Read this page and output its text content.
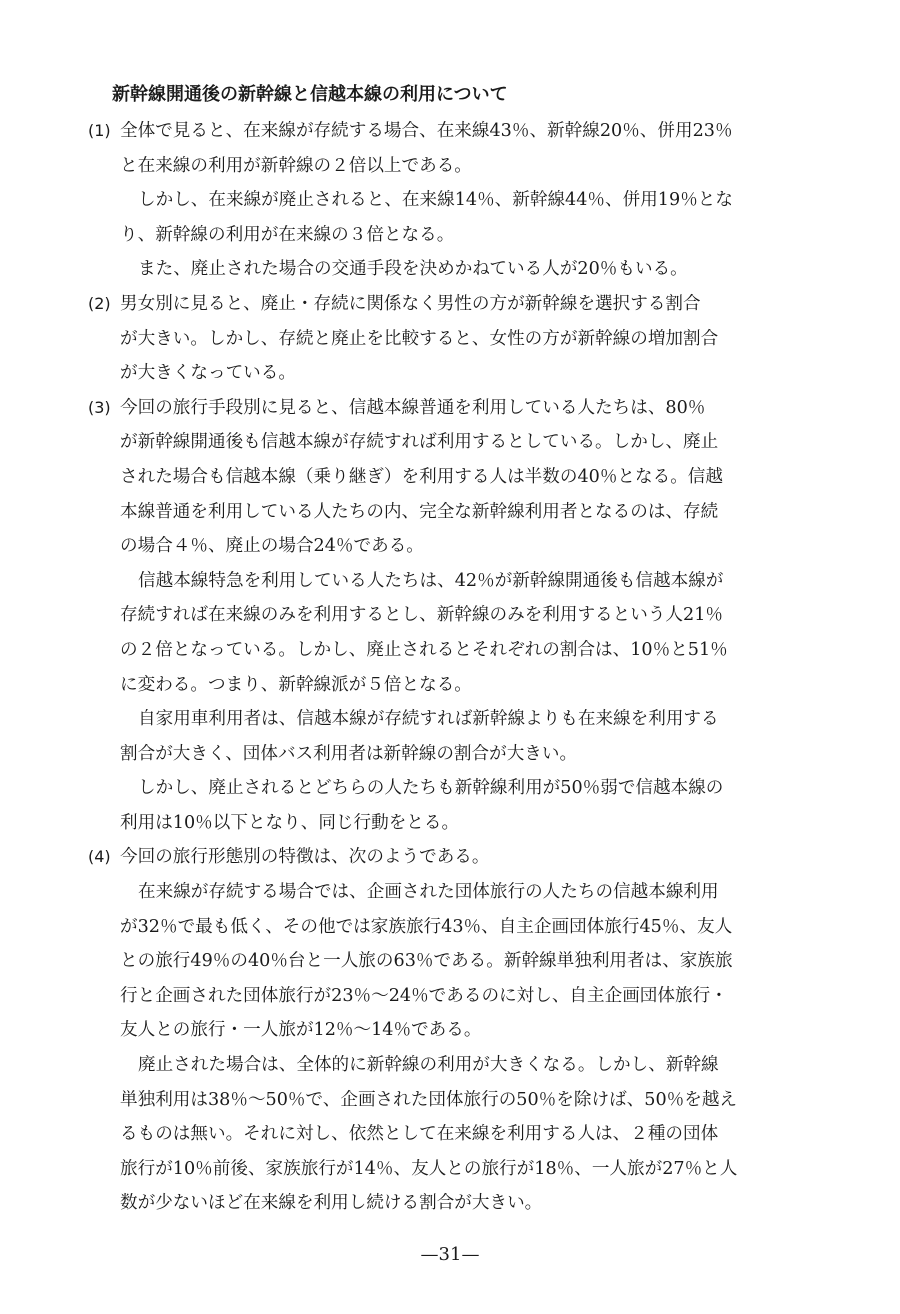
新幹線開通後の新幹線と信越本線の利用について
(1) 全体で見ると、在来線が存続する場合、在来線43％、新幹線20％、併用23％

と在来線の利用が新幹線の２倍以上である。

しかし、在来線が廃止されると、在来線14％、新幹線44％、併用19％とな

り、新幹線の利用が在来線の３倍となる。

また、廃止された場合の交通手段を決めかねている人が20％もいる。

(2) 男女別に見ると、廃止・存続に関係なく男性の方が新幹線を選択する割合

が大きい。しかし、存続と廃止を比較すると、女性の方が新幹線の増加割合

が大きくなっている。

(3) 今回の旅行手段別に見ると、信越本線普通を利用している人たちは、80％

が新幹線開通後も信越本線が存続すれば利用するとしている。しかし、廃止

された場合も信越本線（乗り継ぎ）を利用する人は半数の40％となる。信越

本線普通を利用している人たちの内、完全な新幹線利用者となるのは、存続

の場合４％、廃止の場合24％である。

信越本線特急を利用している人たちは、42％が新幹線開通後も信越本線が

存続すれば在来線のみを利用するとし、新幹線のみを利用するという人21％

の２倍となっている。しかし、廃止されるとそれぞれの割合は、10％と51％

に変わる。つまり、新幹線派が５倍となる。

自家用車利用者は、信越本線が存続すれば新幹線よりも在来線を利用する

割合が大きく、団体バス利用者は新幹線の割合が大きい。

しかし、廃止されるとどちらの人たちも新幹線利用が50％弱で信越本線の

利用は10％以下となり、同じ行動をとる。

(4) 今回の旅行形態別の特徴は、次のようである。

在来線が存続する場合では、企画された団体旅行の人たちの信越本線利用

が32％で最も低く、その他では家族旅行43％、自主企画団体旅行45％、友人

との旅行49％の40％台と一人旅の63％である。新幹線単独利用者は、家族旅

行と企画された団体旅行が23％～24％であるのに対し、自主企画団体旅行・

友人との旅行・一人旅が12％～14％である。

廃止された場合は、全体的に新幹線の利用が大きくなる。しかし、新幹線

単独利用は38％～50％で、企画された団体旅行の50％を除けば、50％を越え

るものは無い。それに対し、依然として在来線を利用する人は、２種の団体

旅行が10％前後、家族旅行が14％、友人との旅行が18％、一人旅が27％と人

数が少ないほど在来線を利用し続ける割合が大きい。

—31—
